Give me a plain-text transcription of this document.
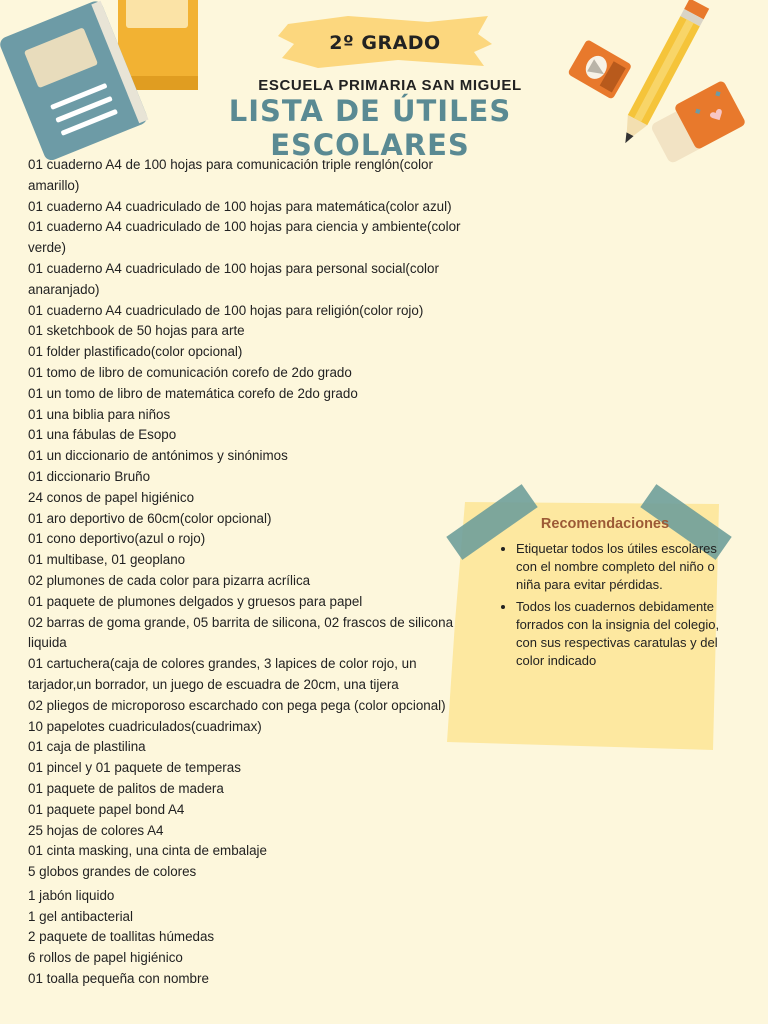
2º GRADO
ESCUELA PRIMARIA SAN MIGUEL
LISTA DE ÚTILES ESCOLARES
01 cuaderno A4 de 100 hojas para comunicación triple renglón(color amarillo)
01 cuaderno A4 cuadriculado de 100 hojas para matemática(color azul)
01 cuaderno A4 cuadriculado de 100 hojas para ciencia y ambiente(color verde)
01 cuaderno A4 cuadriculado de 100 hojas para personal social(color anaranjado)
01 cuaderno A4 cuadriculado de 100 hojas para religión(color rojo)
01 sketchbook de 50 hojas para arte
01 folder plastificado(color opcional)
01 tomo de libro de comunicación corefo de 2do grado
01 un tomo de libro de matemática corefo de 2do grado
01 una biblia para niños
01 una fábulas de Esopo
01 un diccionario de antónimos y sinónimos
01 diccionario Bruño
24 conos de papel higiénico
01 aro deportivo de 60cm(color opcional)
01 cono deportivo(azul o rojo)
01 multibase, 01 geoplano
02 plumones de cada color para pizarra acrílica
01 paquete de plumones delgados y gruesos para papel
02 barras de goma grande, 05 barrita de silicona, 02 frascos de silicona liquida
01 cartuchera(caja de colores grandes, 3 lapices de color rojo, un tarjador,un borrador, un juego de escuadra de 20cm, una tijera
02 pliegos de microporoso escarchado con pega pega (color opcional)
10 papelotes cuadriculados(cuadrimax)
01 caja de plastilina
01 pincel y 01 paquete de temperas
01 paquete de palitos de madera
01 paquete papel bond A4
25 hojas de colores A4
01 cinta masking, una cinta de embalaje
5 globos grandes de colores
1 jabón liquido
1 gel antibacterial
2 paquete de toallitas húmedas
6 rollos de papel higiénico
01 toalla pequeña con nombre
Recomendaciones
• Etiquetar todos los útiles escolares con el nombre completo del niño o niña para evitar pérdidas.
• Todos los cuadernos debidamente forrados con la insignia del colegio, con sus respectivas caratulas y del color indicado
